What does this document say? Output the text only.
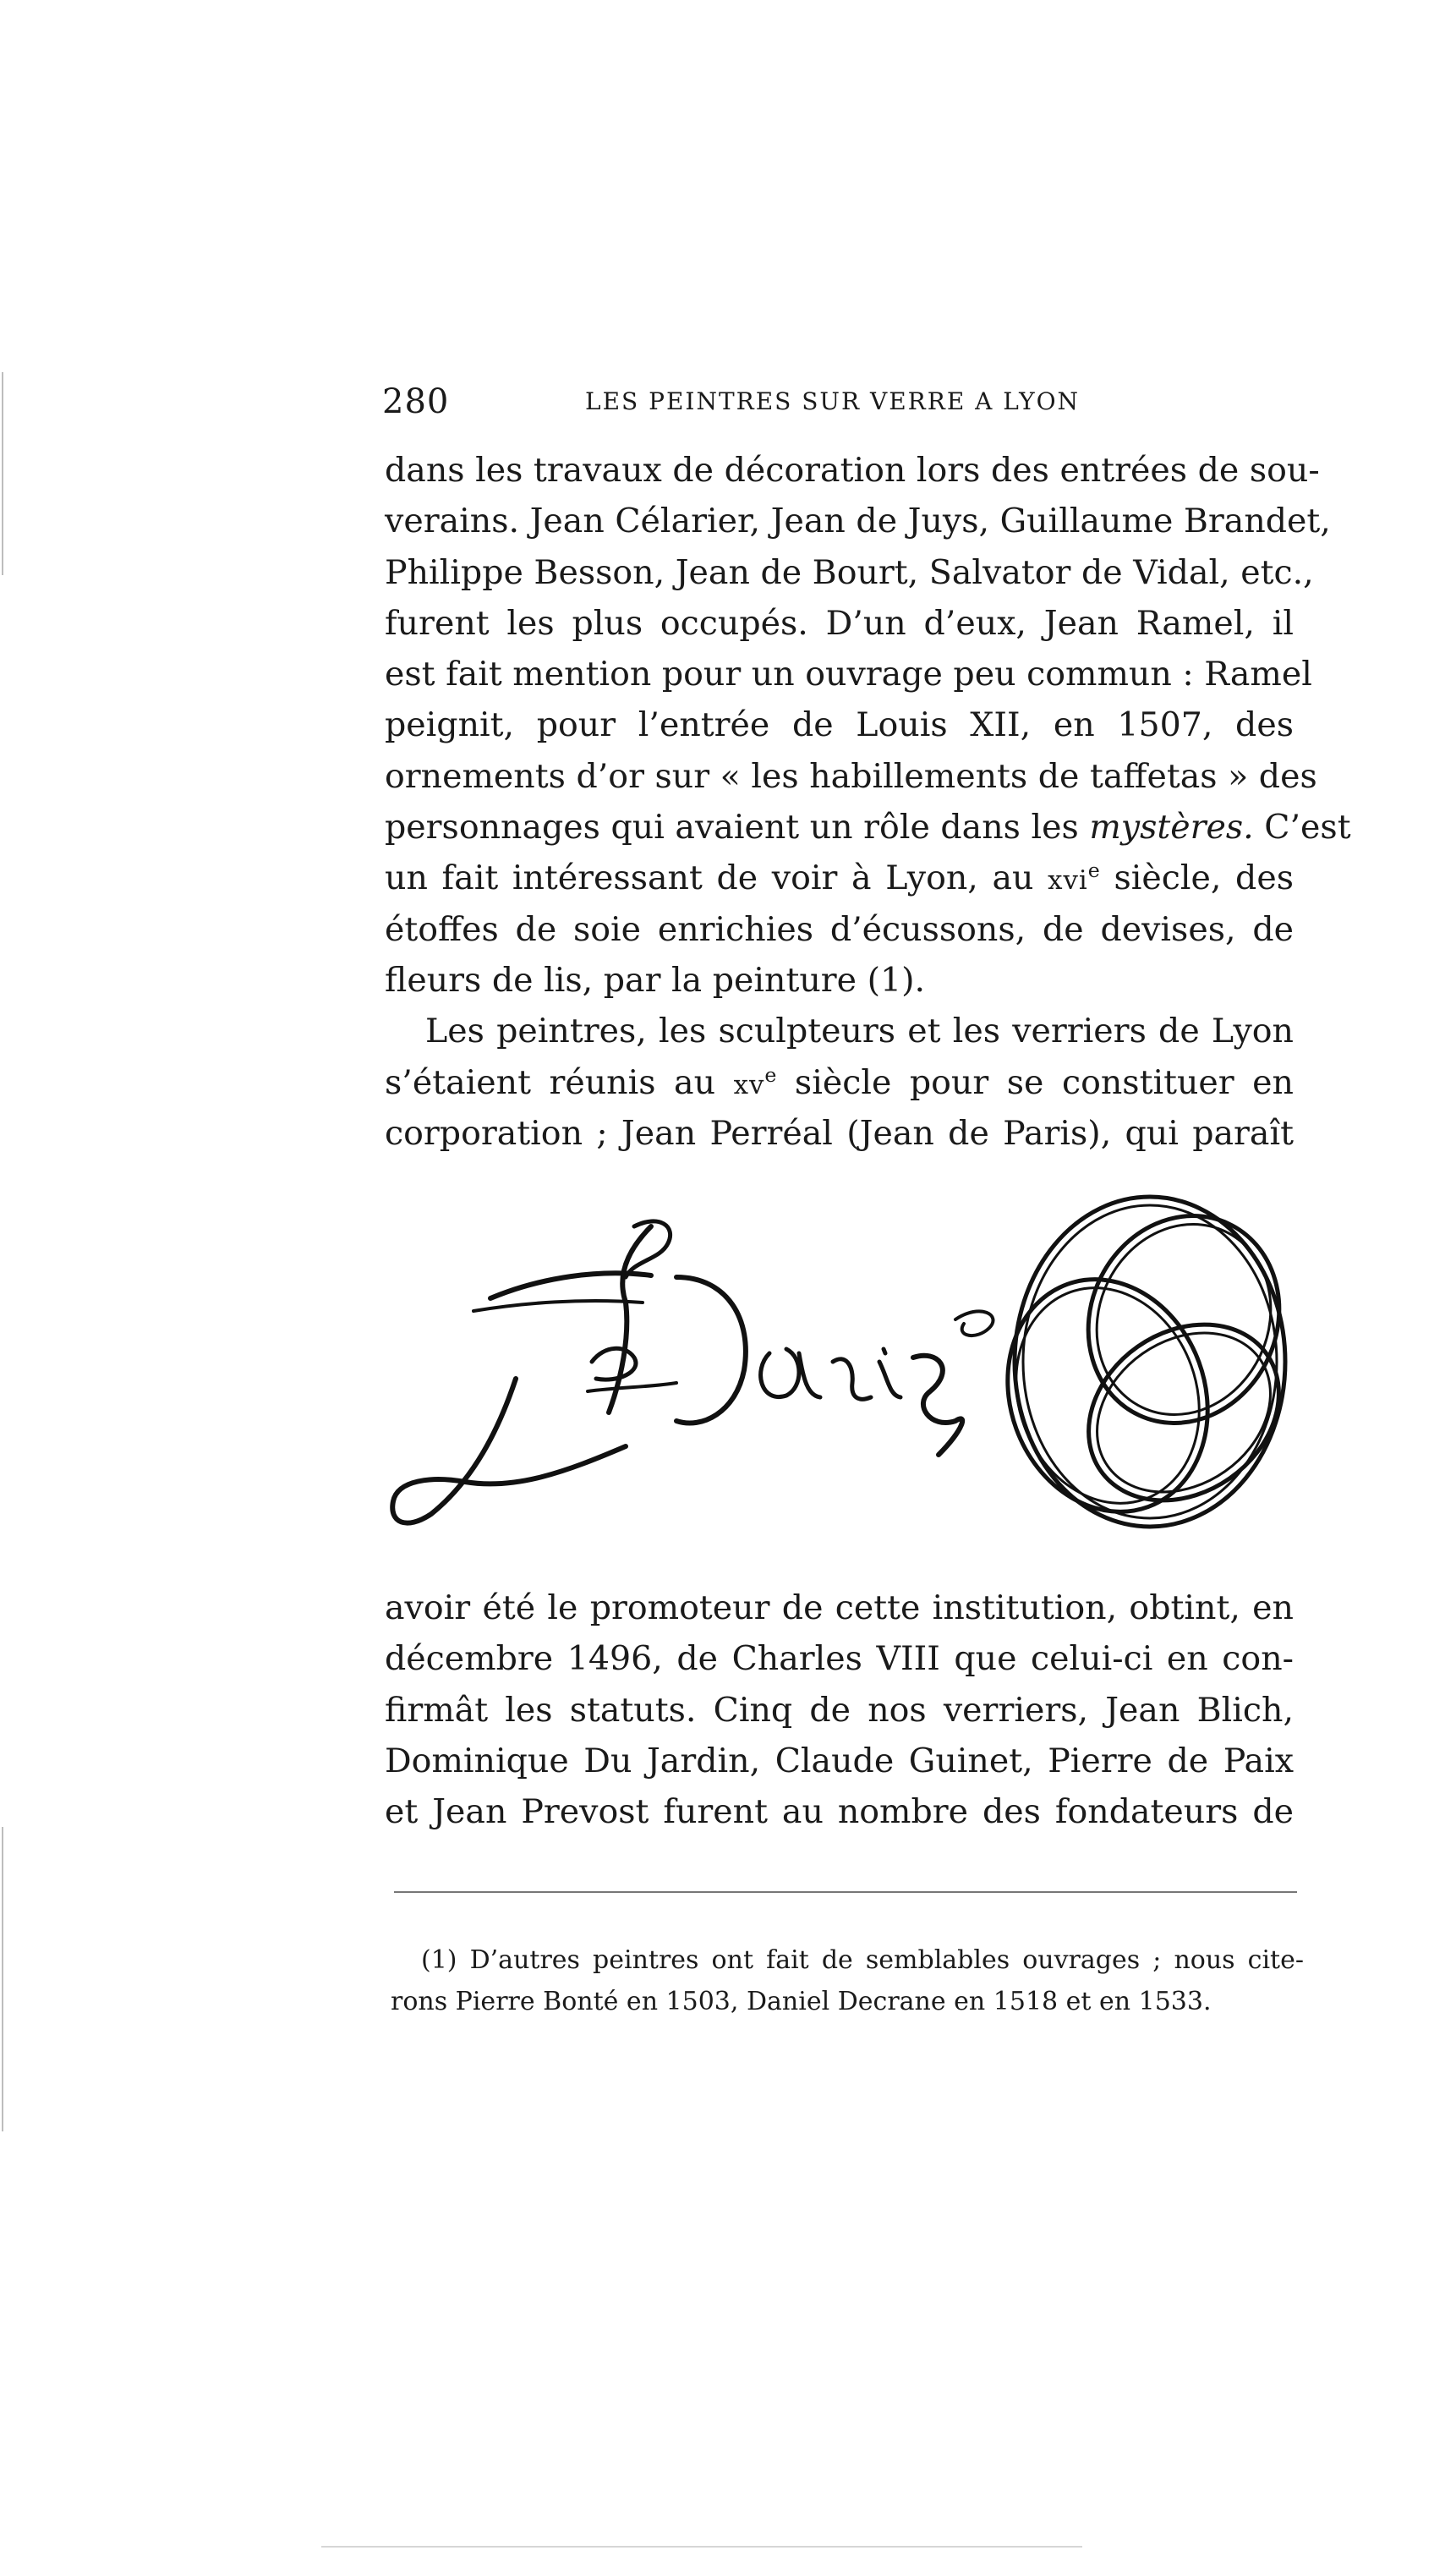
280	LES PEINTRES SUR VERRE A LYON
dans les travaux de décoration lors des entrées de sou-
verains. Jean Célarier, Jean de Juys, Guillaume Brandet,
Philippe Besson, Jean de Bourt, Salvator de Vidal, etc.,
furent les plus occupés. D’un d’eux, Jean Ramel, il
est fait mention pour un ouvrage peu commun : Ramel
peignit, pour l’entrée de Louis XII, en 1507, des
ornements d’or sur « les habillements de taffetas » des
personnages qui avaient un rôle dans les mystères. C’est
un fait intéressant de voir à Lyon, au xvi$^e$ siècle, des
étoffes de soie enrichies d’écussons, de devises, de
fleurs de lis, par la peinture (1).
Les peintres, les sculpteurs et les verriers de Lyon
s’étaient réunis au $xv^e$ siècle pour se constituer en
corporation ; Jean Perréal (Jean de Paris), qui paraît
avoir été le promoteur de cette institution, obtint, en
décembre 1496, de Charles VIII que celui-ci en con-
firmât les statuts. Cinq de nos verriers, Jean Blich,
Dominique Du Jardin, Claude Guinet, Pierre de Paix
et Jean Prevost furent au nombre des fondateurs de
(1) D’autres peintres ont fait de semblables ouvrages ; nous cite-
rons Pierre Bonté en 1503, Daniel Decrane en 1518 et en 1533.
